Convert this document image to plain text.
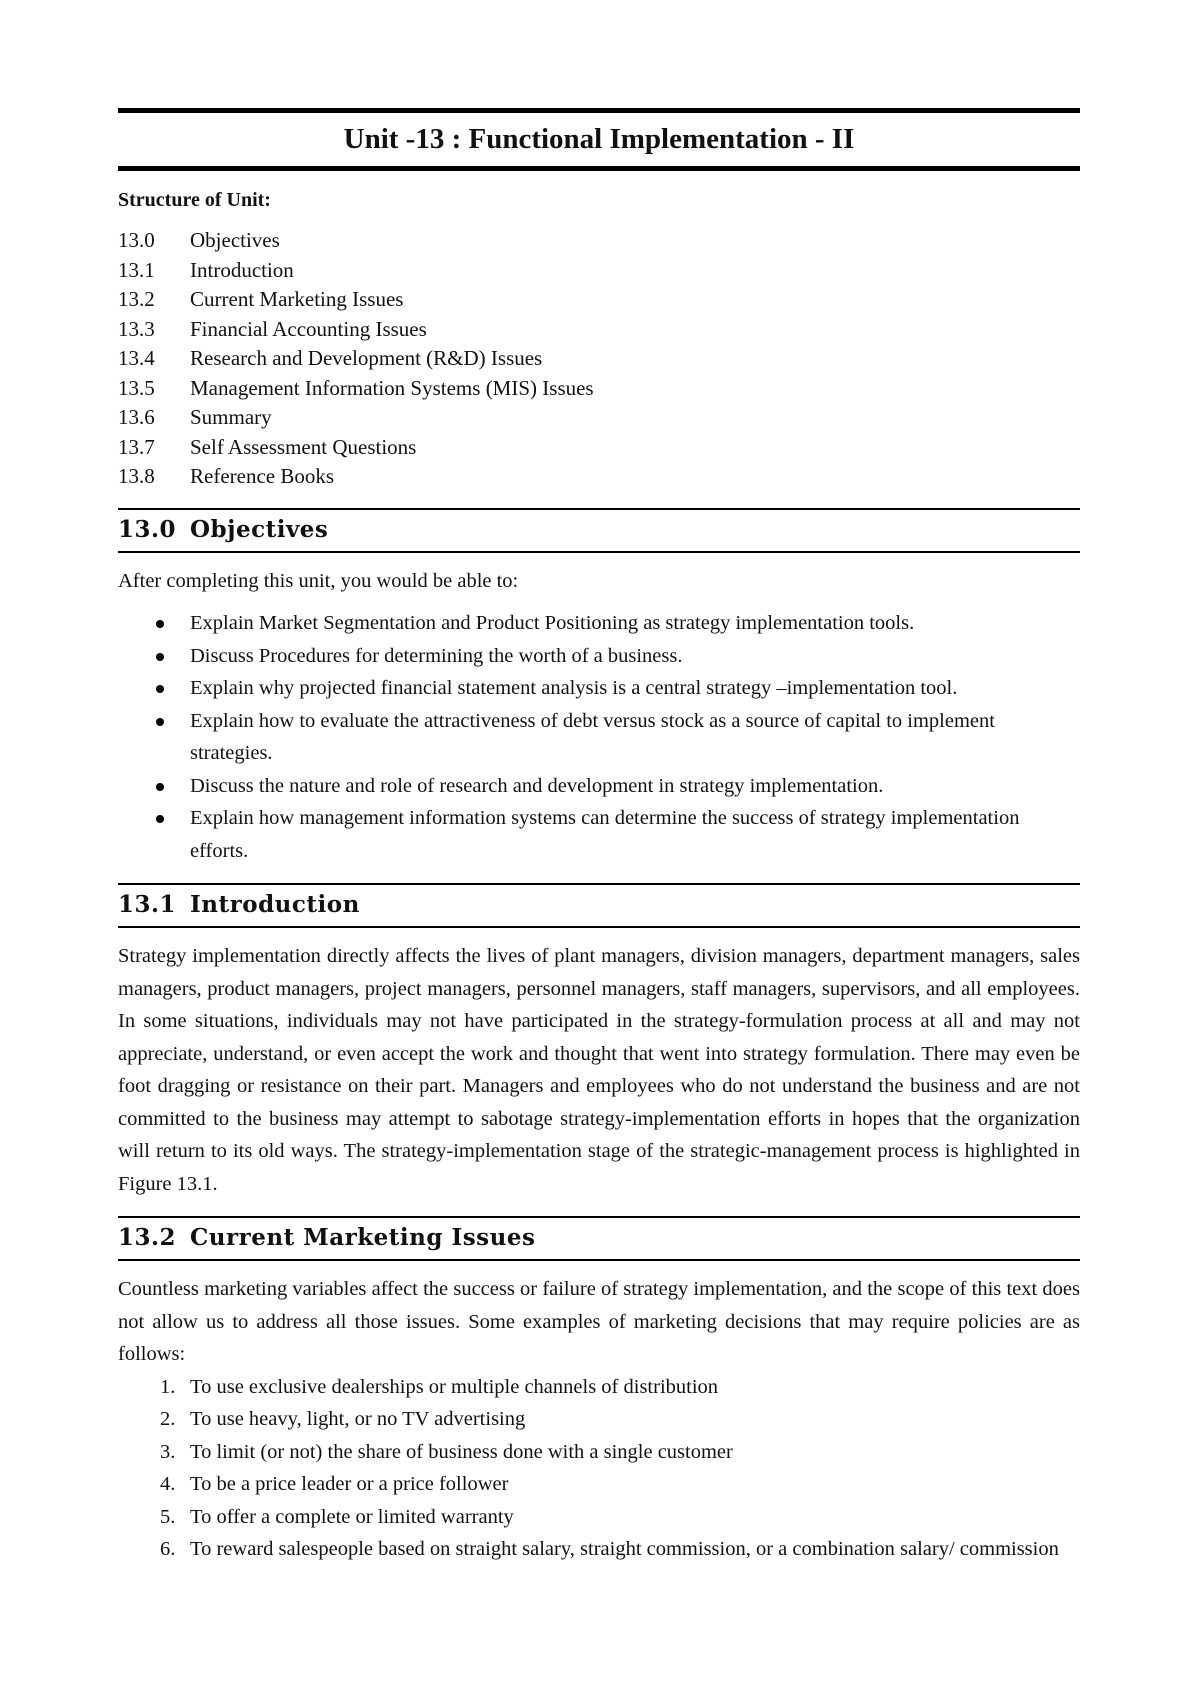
Unit -13 : Functional Implementation - II
Structure of Unit:
13.0	Objectives
13.1	Introduction
13.2	Current Marketing Issues
13.3	Financial Accounting Issues
13.4	Research and Development (R&D) Issues
13.5	Management Information Systems (MIS) Issues
13.6	Summary
13.7	Self Assessment Questions
13.8	Reference Books
13.0 Objectives

After completing this unit, you would be able to:

Explain Market Segmentation and Product Positioning as strategy implementation tools.
Discuss Procedures for determining the worth of a business.
Explain why projected financial statement analysis is a central strategy –implementation tool.
Explain how to evaluate the attractiveness of debt versus stock as a source of capital to implement strategies.
Discuss the nature and role of research and development in strategy implementation.
Explain how management information systems can determine the success of strategy implementation efforts.
13.1 Introduction

Strategy implementation directly affects the lives of plant managers, division managers, department managers, sales managers, product managers, project managers, personnel managers, staff managers, supervisors, and all employees. In some situations, individuals may not have participated in the strategy-formulation process at all and may not appreciate, understand, or even accept the work and thought that went into strategy formulation. There may even be foot dragging or resistance on their part. Managers and employees who do not understand the business and are not committed to the business may attempt to sabotage strategy-implementation efforts in hopes that the organization will return to its old ways. The strategy-implementation stage of the strategic-management process is highlighted in Figure 13.1.

13.2 Current Marketing Issues

Countless marketing variables affect the success or failure of strategy implementation, and the scope of this text does not allow us to address all those issues. Some examples of marketing decisions that may require policies are as follows:

1. To use exclusive dealerships or multiple channels of distribution
2. To use heavy, light, or no TV advertising
3. To limit (or not) the share of business done with a single customer
4. To be a price leader or a price follower
5. To offer a complete or limited warranty
6. To reward salespeople based on straight salary, straight commission, or a combination salary/ commission
